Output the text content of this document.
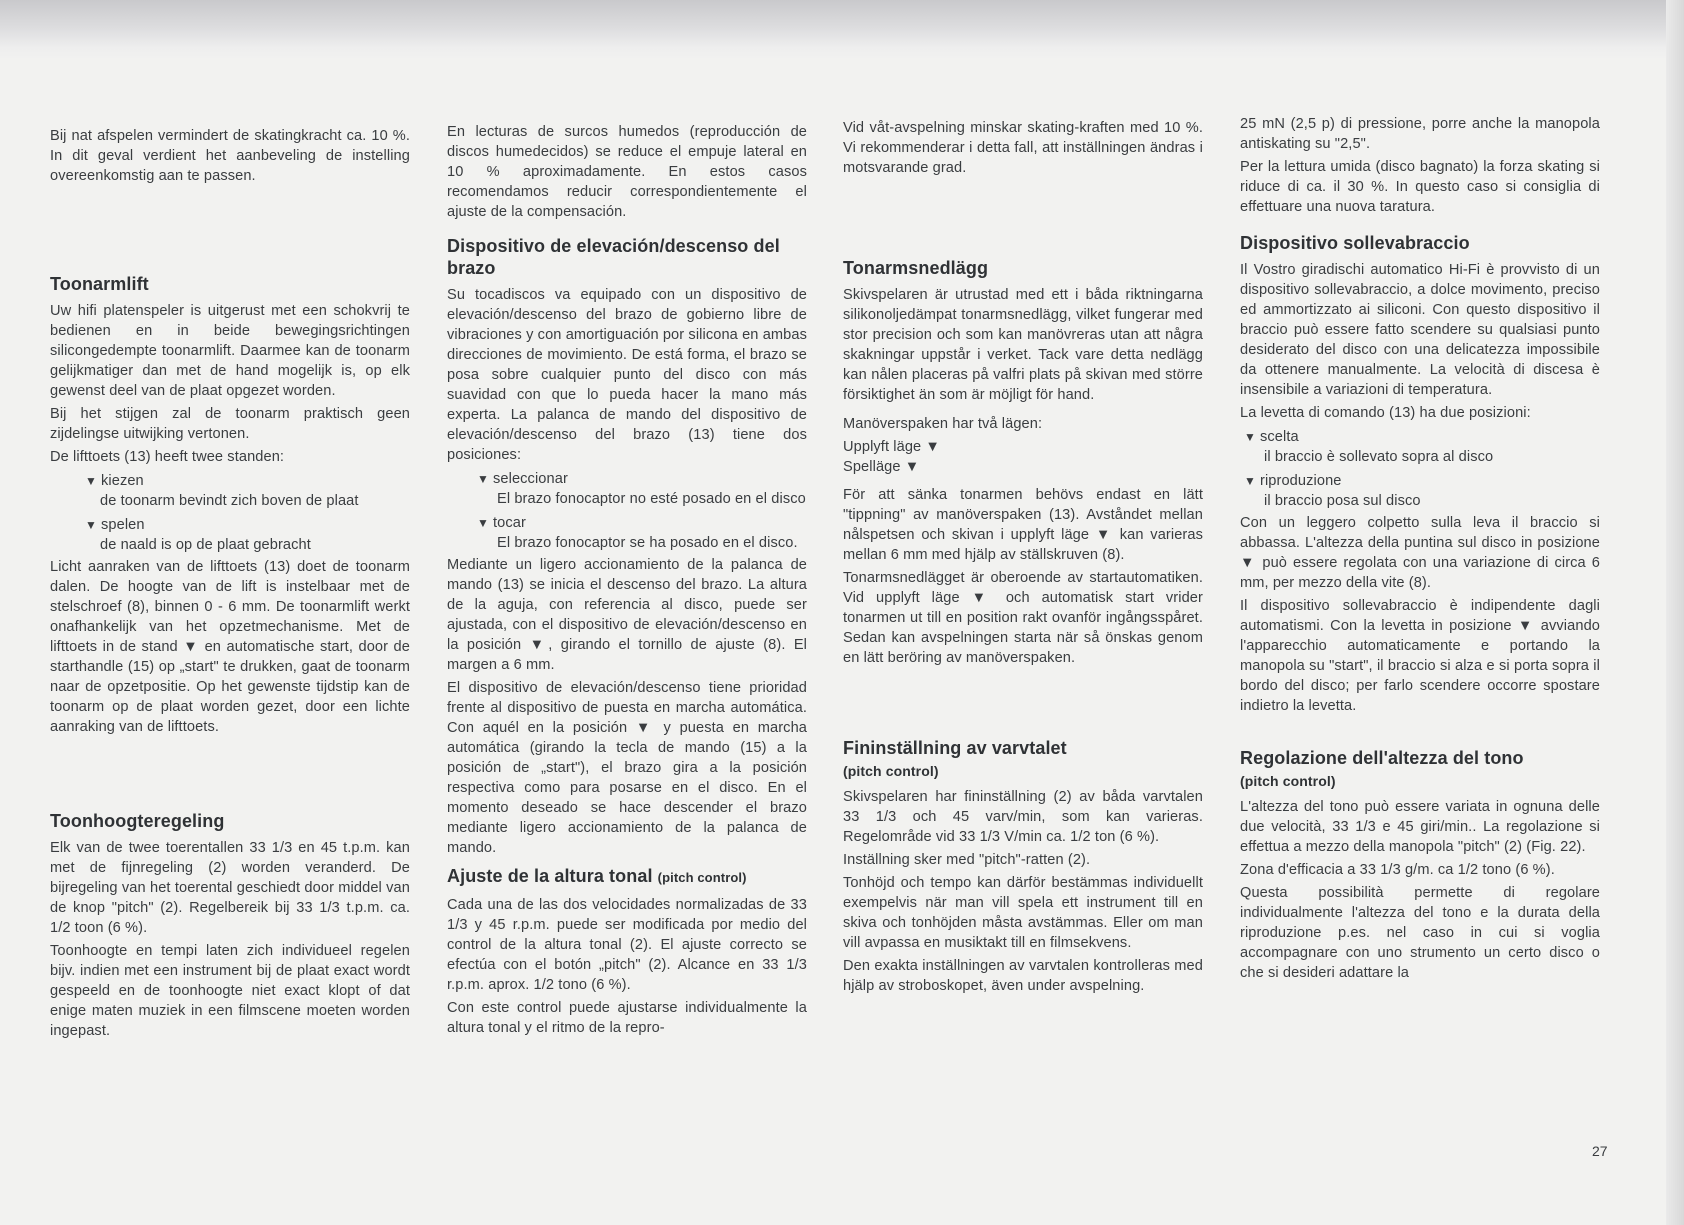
Bij nat afspelen vermindert de skatingkracht ca. 10 %. In dit geval verdient het aanbeveling de instelling overeenkomstig aan te passen.

Toonarmlift

Uw hifi platenspeler is uitgerust met een schokvrij te bedienen en in beide bewegingsrichtingen silicongedempte toonarmlift. Daarmee kan de toonarm gelijkmatiger dan met de hand mogelijk is, op elk gewenst deel van de plaat opgezet worden.

Bij het stijgen zal de toonarm praktisch geen zijdelingse uitwijking vertonen.

De lifttoets (13) heeft twee standen:

▼ kiezen
de toonarm bevindt zich boven de plaat
▼ spelen
de naald is op de plaat gebracht

Licht aanraken van de lifttoets (13) doet de toonarm dalen. De hoogte van de lift is instelbaar met de stelschroef (8), binnen 0 - 6 mm. De toonarmlift werkt onafhankelijk van het opzetmechanisme. Met de lifttoets in de stand ▼ en automatische start, door de starthandle (15) op „start" te drukken, gaat de toonarm naar de opzetpositie. Op het gewenste tijdstip kan de toonarm op de plaat worden gezet, door een lichte aanraking van de lifttoets.

Toonhoogteregeling

Elk van de twee toerentallen 33 1/3 en 45 t.p.m. kan met de fijnregeling (2) worden veranderd. De bijregeling van het toerental geschiedt door middel van de knop "pitch" (2). Regelbereik bij 33 1/3 t.p.m. ca. 1/2 toon (6 %).

Toonhoogte en tempi laten zich individueel regelen bijv. indien met een instrument bij de plaat exact wordt gespeeld en de toonhoogte niet exact klopt of dat enige maten muziek in een filmscene moeten worden ingepast.

En lecturas de surcos humedos (reproducción de discos humedecidos) se reduce el empuje lateral en 10 % aproximadamente. En estos casos recomendamos reducir correspondientemente el ajuste de la compensación.

Dispositivo de elevación/descenso del brazo

Su tocadiscos va equipado con un dispositivo de elevación/descenso del brazo de gobierno libre de vibraciones y con amortiguación por silicona en ambas direcciones de movimiento. De está forma, el brazo se posa sobre cualquier punto del disco con más suavidad con que lo pueda hacer la mano más experta. La palanca de mando del dispositivo de elevación/descenso del brazo (13) tiene dos posiciones:

▼ seleccionar
El brazo fonocaptor no esté posado en el disco
▼ tocar
El brazo fonocaptor se ha posado en el disco.

Mediante un ligero accionamiento de la palanca de mando (13) se inicia el descenso del brazo. La altura de la aguja, con referencia al disco, puede ser ajustada, con el dispositivo de elevación/descenso en la posición ▼, girando el tornillo de ajuste (8). El margen a 6 mm.

El dispositivo de elevación/descenso tiene prioridad frente al dispositivo de puesta en marcha automática. Con aquél en la posición ▼ y puesta en marcha automática (girando la tecla de mando (15) a la posición de „start"), el brazo gira a la posición respectiva como para posarse en el disco. En el momento deseado se hace descender el brazo mediante ligero accionamiento de la palanca de mando.

Ajuste de la altura tonal (pitch control)

Cada una de las dos velocidades normalizadas de 33 1/3 y 45 r.p.m. puede ser modificada por medio del control de la altura tonal (2). El ajuste correcto se efectúa con el botón „pitch" (2). Alcance en 33 1/3 r.p.m. aprox. 1/2 tono (6 %).

Con este control puede ajustarse individualmente la altura tonal y el ritmo de la repro-

Vid våt-avspelning minskar skating-kraften med 10 %. Vi rekommenderar i detta fall, att inställningen ändras i motsvarande grad.

Tonarmsnedlägg

Skivspelaren är utrustad med ett i båda riktningarna silikonoljedämpat tonarmsnedlägg, vilket fungerar med stor precision och som kan manövreras utan att några skakningar uppstår i verket. Tack vare detta nedlägg kan nålen placeras på valfri plats på skivan med större försiktighet än som är möjligt för hand.

Manöverspaken har två lägen:

Upplyft läge ▼

Spelläge ▼

För att sänka tonarmen behövs endast en lätt "tippning" av manöverspaken (13). Avståndet mellan nålspetsen och skivan i upplyft läge ▼ kan varieras mellan 6 mm med hjälp av ställskruven (8).

Tonarmsnedlägget är oberoende av startautomatiken. Vid upplyft läge ▼ och automatisk start vrider tonarmen ut till en position rakt ovanför ingångsspåret. Sedan kan avspelningen starta när så önskas genom en lätt beröring av manöverspaken.

Fininställning av varvtalet
(pitch control)

Skivspelaren har fininställning (2) av båda varvtalen 33 1/3 och 45 varv/min, som kan varieras. Regelområde vid 33 1/3 V/min ca. 1/2 ton (6 %).

Inställning sker med "pitch"-ratten (2).

Tonhöjd och tempo kan därför bestämmas individuellt exempelvis när man vill spela ett instrument till en skiva och tonhöjden måsta avstämmas. Eller om man vill avpassa en musiktakt till en filmsekvens.

Den exakta inställningen av varvtalen kontrolleras med hjälp av stroboskopet, även under avspelning.

25 mN (2,5 p) di pressione, porre anche la manopola antiskating su "2,5".

Per la lettura umida (disco bagnato) la forza skating si riduce di ca. il 30 %. In questo caso si consiglia di effettuare una nuova taratura.

Dispositivo sollevabraccio

Il Vostro giradischi automatico Hi-Fi è provvisto di un dispositivo sollevabraccio, a dolce movimento, preciso ed ammortizzato ai siliconi. Con questo dispositivo il braccio può essere fatto scendere su qualsiasi punto desiderato del disco con una delicatezza impossibile da ottenere manualmente. La velocità di discesa è insensibile a variazioni di temperatura.

La levetta di comando (13) ha due posizioni:

▼ scelta
il braccio è sollevato sopra al disco
▼ riproduzione
il braccio posa sul disco

Con un leggero colpetto sulla leva il braccio si abbassa. L'altezza della puntina sul disco in posizione ▼ può essere regolata con una variazione di circa 6 mm, per mezzo della vite (8).

Il dispositivo sollevabraccio è indipendente dagli automatismi. Con la levetta in posizione ▼ avviando l'apparecchio automaticamente e portando la manopola su "start", il braccio si alza e si porta sopra il bordo del disco; per farlo scendere occorre spostare indietro la levetta.

Regolazione dell'altezza del tono
(pitch control)

L'altezza del tono può essere variata in ognuna delle due velocità, 33 1/3 e 45 giri/min.. La regolazione si effettua a mezzo della manopola "pitch" (2) (Fig. 22).

Zona d'efficacia a 33 1/3 g/m. ca 1/2 tono (6 %).

Questa possibilità permette di regolare individualmente l'altezza del tono e la durata della riproduzione p.es. nel caso in cui si voglia accompagnare con uno strumento un certo disco o che si desideri adattare la

27
